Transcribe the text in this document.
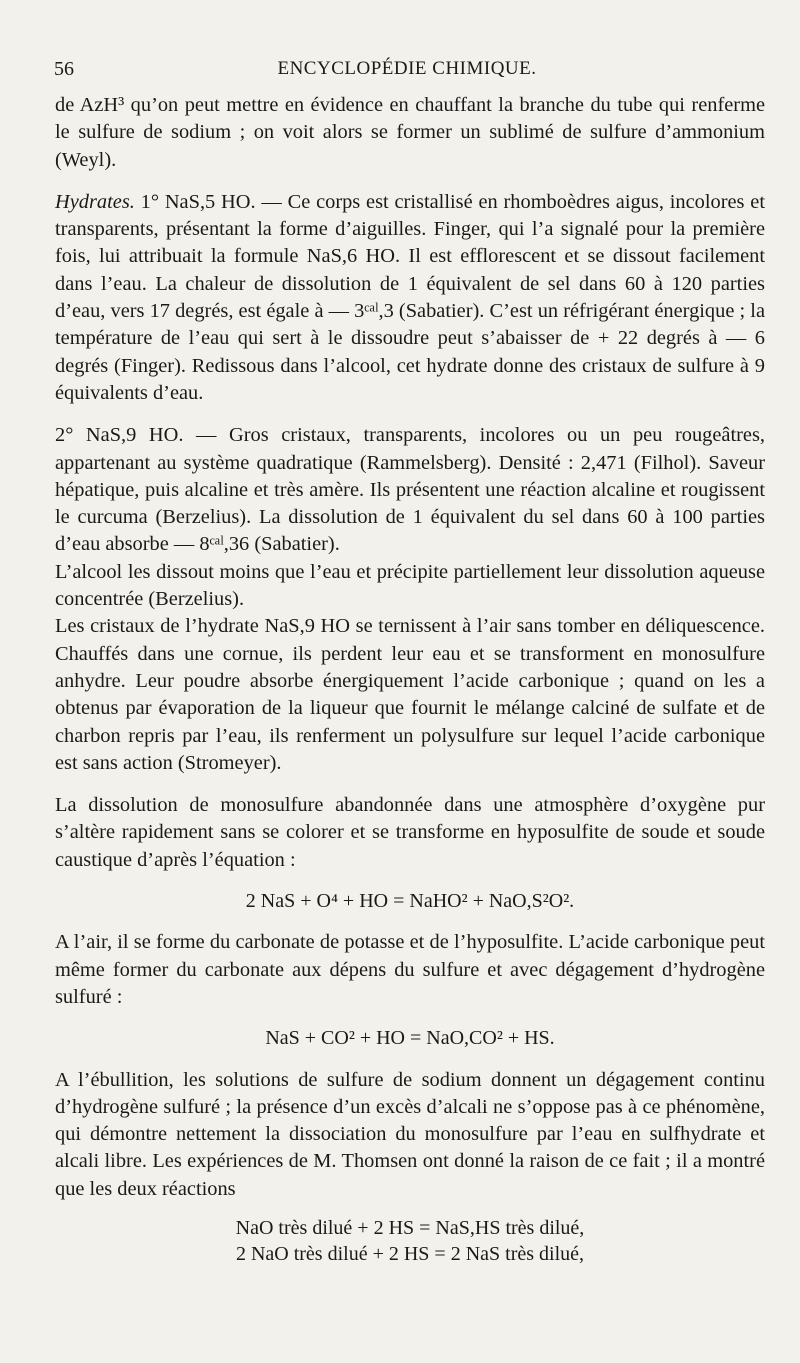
56	ENCYCLOPÉDIE CHIMIQUE.

de AzH³ qu’on peut mettre en évidence en chauffant la branche du tube qui renferme le sulfure de sodium ; on voit alors se former un sublimé de sulfure d’ammonium (Weyl).

Hydrates. 1° NaS,5 HO. — Ce corps est cristallisé en rhomboèdres aigus, incolores et transparents, présentant la forme d’aiguilles. Finger, qui l’a signalé pour la première fois, lui attribuait la formule NaS,6 HO. Il est efflorescent et se dissout facilement dans l’eau. La chaleur de dissolution de 1 équivalent de sel dans 60 à 120 parties d’eau, vers 17 degrés, est égale à — 3ᶜᵃˡ,3 (Sabatier). C’est un réfrigérant énergique ; la température de l’eau qui sert à le dissoudre peut s’abaisser de + 22 degrés à — 6 degrés (Finger). Redissous dans l’alcool, cet hydrate donne des cristaux de sulfure à 9 équivalents d’eau.

2° NaS,9 HO. — Gros cristaux, transparents, incolores ou un peu rougeâtres, appartenant au système quadratique (Rammelsberg). Densité : 2,471 (Filhol). Saveur hépatique, puis alcaline et très amère. Ils présentent une réaction alcaline et rougissent le curcuma (Berzelius). La dissolution de 1 équivalent du sel dans 60 à 100 parties d’eau absorbe — 8ᶜᵃˡ,36 (Sabatier).

L’alcool les dissout moins que l’eau et précipite partiellement leur dissolution aqueuse concentrée (Berzelius).

Les cristaux de l’hydrate NaS,9 HO se ternissent à l’air sans tomber en déliquescence. Chauffés dans une cornue, ils perdent leur eau et se transforment en monosulfure anhydre. Leur poudre absorbe énergiquement l’acide carbonique ; quand on les a obtenus par évaporation de la liqueur que fournit le mélange calciné de sulfate et de charbon repris par l’eau, ils renferment un polysulfure sur lequel l’acide carbonique est sans action (Stromeyer).

La dissolution de monosulfure abandonnée dans une atmosphère d’oxygène pur s’altère rapidement sans se colorer et se transforme en hyposulfite de soude et soude caustique d’après l’équation :

2 NaS + O⁴ + HO = NaHO² + NaO,S²O².

A l’air, il se forme du carbonate de potasse et de l’hyposulfite. L’acide carbonique peut même former du carbonate aux dépens du sulfure et avec dégagement d’hydrogène sulfuré :

NaS + CO² + HO = NaO,CO² + HS.

A l’ébullition, les solutions de sulfure de sodium donnent un dégagement continu d’hydrogène sulfuré ; la présence d’un excès d’alcali ne s’oppose pas à ce phénomène, qui démontre nettement la dissociation du monosulfure par l’eau en sulfhydrate et alcali libre. Les expériences de M. Thomsen ont donné la raison de ce fait ; il a montré que les deux réactions

NaO très dilué + 2 HS = NaS,HS très dilué,
2 NaO très dilué + 2 HS = 2 NaS très dilué,
